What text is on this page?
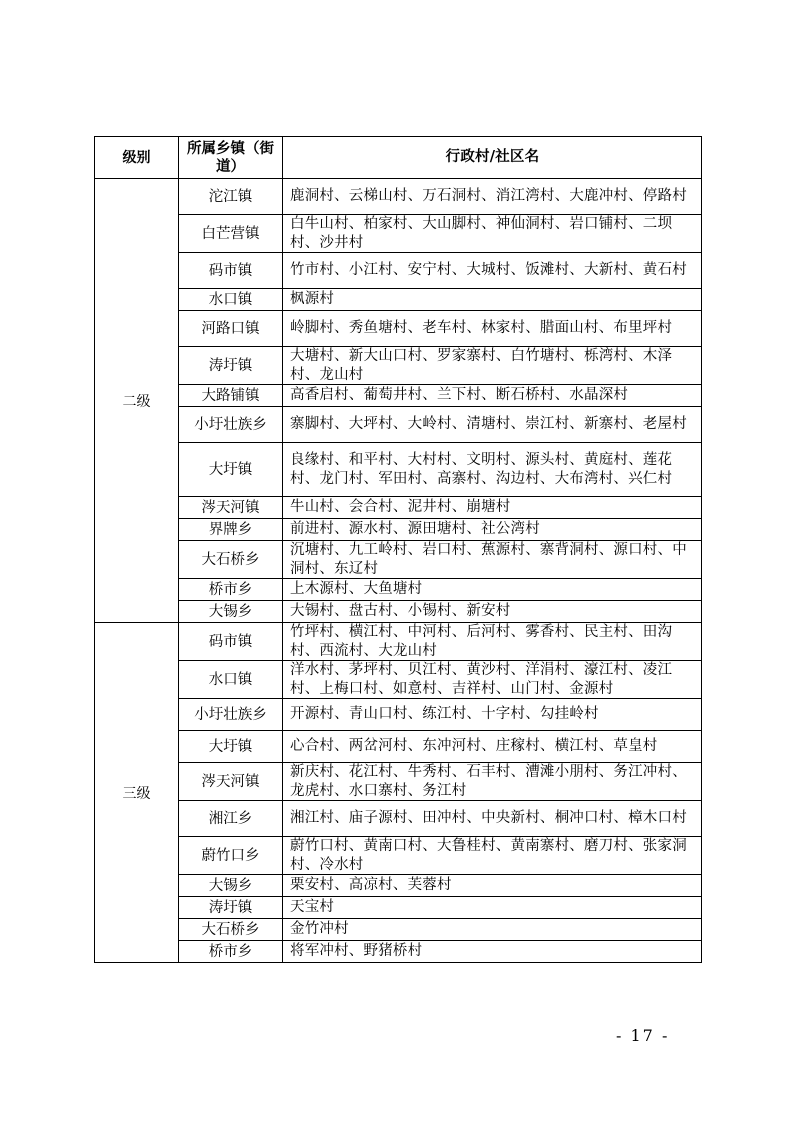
级别	所属乡镇（街道）	行政村/社区名
二级	沱江镇	鹿洞村、云梯山村、万石洞村、消江湾村、大鹿冲村、停路村
	白芒营镇	白牛山村、柏家村、大山脚村、神仙洞村、岩口铺村、二坝村、沙井村
	码市镇	竹市村、小江村、安宁村、大城村、饭滩村、大新村、黄石村
	水口镇	枫源村
	河路口镇	岭脚村、秀鱼塘村、老车村、林家村、腊面山村、布里坪村
	涛圩镇	大塘村、新大山口村、罗家寨村、白竹塘村、栎湾村、木泽村、龙山村
	大路铺镇	高香启村、葡萄井村、兰下村、断石桥村、水晶深村
	小圩壮族乡	寨脚村、大坪村、大岭村、清塘村、崇江村、新寨村、老屋村
	大圩镇	良缘村、和平村、大村村、文明村、源头村、黄庭村、莲花村、龙门村、军田村、高寨村、沟边村、大布湾村、兴仁村
	涔天河镇	牛山村、会合村、泥井村、崩塘村
	界牌乡	前进村、源水村、源田塘村、社公湾村
	大石桥乡	沉塘村、九工岭村、岩口村、蕉源村、寨背洞村、源口村、中洞村、东辽村
	桥市乡	上木源村、大鱼塘村
	大锡乡	大锡村、盘古村、小锡村、新安村
三级	码市镇	竹坪村、横江村、中河村、后河村、雾香村、民主村、田沟村、西流村、大龙山村
	水口镇	洋水村、茅坪村、贝江村、黄沙村、洋涓村、濠江村、凌江村、上梅口村、如意村、吉祥村、山门村、金源村
	小圩壮族乡	开源村、青山口村、练江村、十字村、勾挂岭村
	大圩镇	心合村、两岔河村、东冲河村、庄稼村、横江村、草皇村
	涔天河镇	新庆村、花江村、牛秀村、石丰村、漕滩小朋村、务江冲村、龙虎村、水口寨村、务江村
	湘江乡	湘江村、庙子源村、田冲村、中央新村、桐冲口村、樟木口村
	蔚竹口乡	蔚竹口村、黄南口村、大鲁桂村、黄南寨村、磨刀村、张家洞村、冷水村
	大锡乡	栗安村、高凉村、芙蓉村
	涛圩镇	天宝村
	大石桥乡	金竹冲村
	桥市乡	将军冲村、野猪桥村
- 17 -
